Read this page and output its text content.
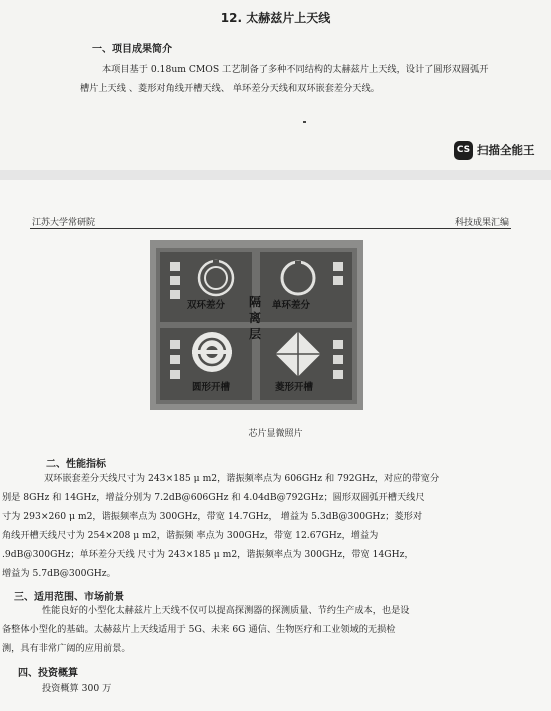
12. 太赫兹片上天线
一、项目成果简介
本项目基于 0.18um CMOS 工艺制备了多种不同结构的太赫兹片上天线，设计了圆形双圆弧开
槽片上天线 、菱形对角线开槽天线、 单环差分天线和双环嵌套差分天线。
CS 扫描全能王
江苏大学常研院	科技成果汇编
双环差分	单环差分
隔
离
层
圆形开槽	菱形开槽
芯片显微照片
二、性能指标
双环嵌套差分天线尺寸为 243×185 μ m2，谐振频率点为 606GHz 和 792GHz，对应的带宽分
别是 8GHz 和 14GHz，增益分别为 7.2dB@606GHz 和 4.04dB@792GHz；圆形双圆弧开槽天线尺
寸为 293×260 μ m2，谐振频率点为 300GHz，带宽 14.7GHz， 增益为 5.3dB@300GHz；菱形对
角线开槽天线尺寸为 254×208 μ m2，谐振频 率点为 300GHz，带宽 12.67GHz，增益为
.9dB@300GHz；单环差分天线 尺寸为 243×185 μ m2，谐振频率点为 300GHz，带宽 14GHz，
增益为 5.7dB@300GHz。
三、适用范围、市场前景
性能良好的小型化太赫兹片上天线不仅可以提高探测器的探测质量、节约生产成本，也是设
备整体小型化的基础。太赫兹片上天线适用于 5G、未来 6G 通信、生物医疗和工业领域的无损检
测，具有非常广阔的应用前景。
四、投资概算
投资概算 300 万
